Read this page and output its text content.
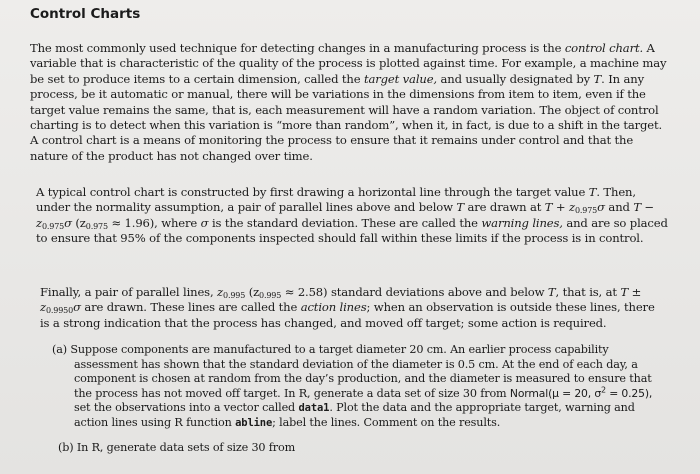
Control Charts

The most commonly used technique for detecting changes in a manufacturing process is the control chart. A variable that is characteristic of the quality of the process is plotted against time. For example, a machine may be set to produce items to a certain dimension, called the target value, and usually designated by T. In any process, be it automatic or manual, there will be variations in the dimensions from item to item, even if the target value remains the same, that is, each measurement will have a random variation. The object of control charting is to detect when this variation is “more than random”, when it, in fact, is due to a shift in the target. A control chart is a means of monitoring the process to ensure that it remains under control and that the nature of the product has not changed over time.

A typical control chart is constructed by first drawing a horizontal line through the target value T. Then, under the normality assumption, a pair of parallel lines above and below T are drawn at $T + z_{0.975}\sigma$ and $T - z_{0.975}\sigma$ $(z_{0.975} \approx 1.96)$, where σ is the standard deviation. These are called the warning lines, and are so placed to ensure that 95% of the components inspected should fall within these limits if the process is in control.

Finally, a pair of parallel lines, $z_{0.995}$ $(z_{0.995} \approx 2.58)$ standard deviations above and below T, that is, at $T \pm z_{0.9950}\sigma$ are drawn. These lines are called the action lines; when an observation is outside these lines, there is a strong indication that the process has changed, and moved off target; some action is required.

(a) Suppose components are manufactured to a target diameter 20 cm. An earlier process capability
assessment has shown that the standard deviation of the diameter is 0.5 cm. At the end of each day, a component is chosen at random from the day’s production, and the diameter is measured to ensure that the process has not moved off target. In R, generate a data set of size 30 from Normal(μ = 20, $\sigma^2 = 0.25$), set the observations into a vector called data1. Plot the data and the appropriate target, warning and action lines using R function abline; label the lines. Comment on the results.

(b) In R, generate data sets of size 30 from
